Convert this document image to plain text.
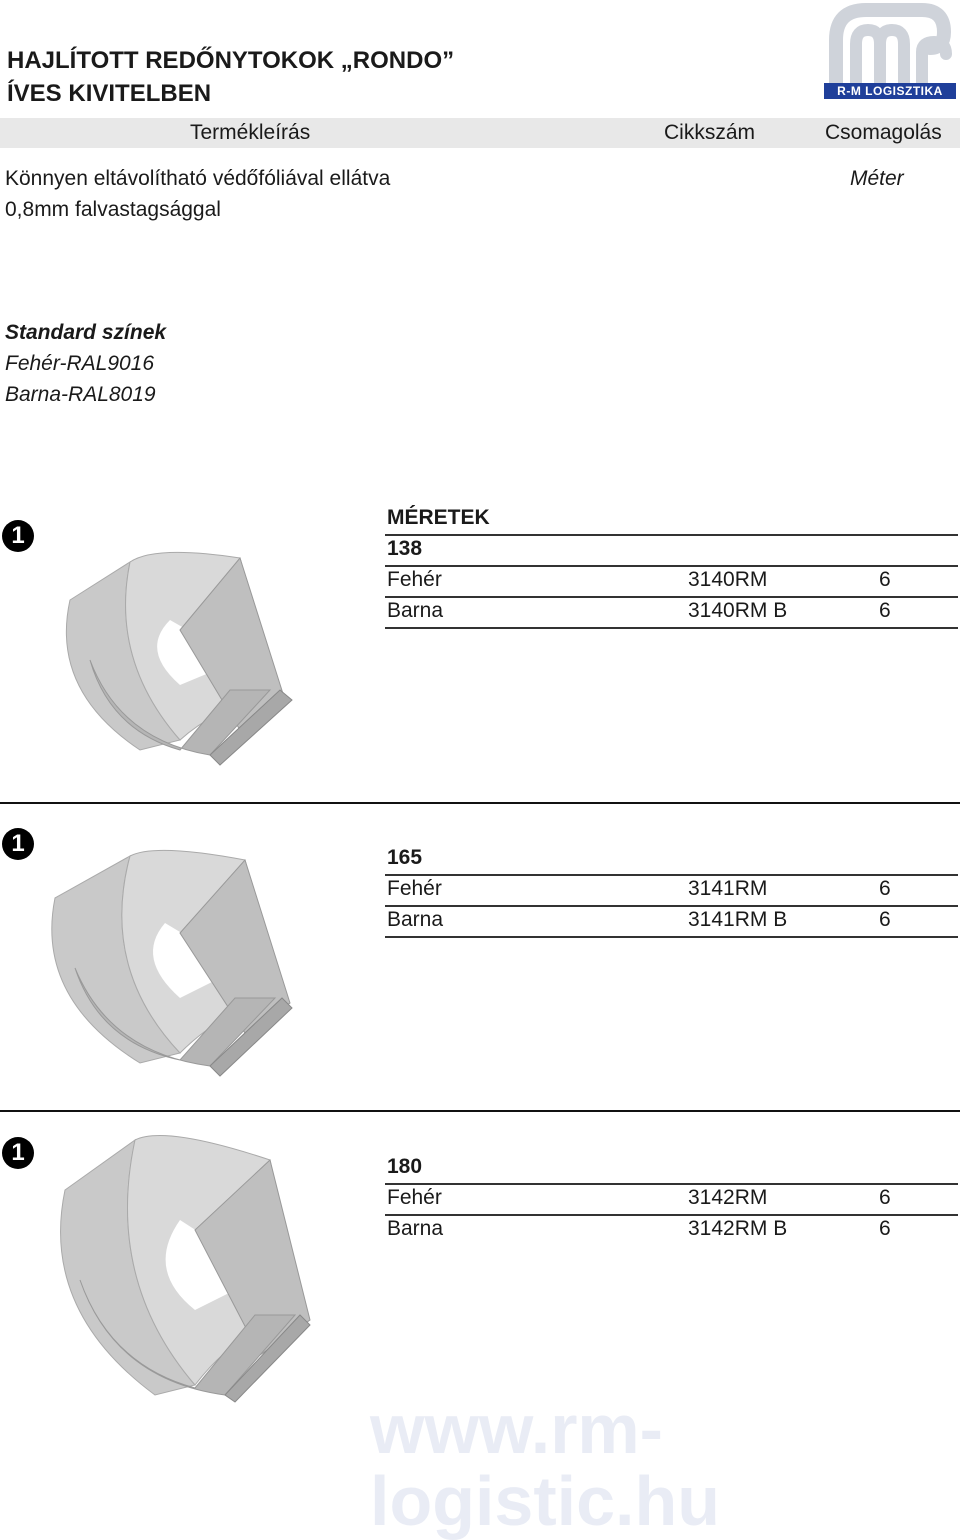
HAJLÍTOTT REDŐNYTOKOK „RONDO”
ÍVES KIVITELBEN	R-M LOGISZTIKA KFT.
Termékleírás	Cikkszám	Csomagolás
Könnyen eltávolítható védőfóliával ellátva
0,8mm falvastagsággal
Méter
Standard színek
Fehér-RAL9016
Barna-RAL8019
MÉRETEK
1	138
Fehér	3140RM	6
Barna	3140RM B	6
1
165
Fehér	3141RM	6
Barna	3141RM B	6
1
180
Fehér	3142RM	6
Barna	3142RM B	6
www.rm-logistic.hu
